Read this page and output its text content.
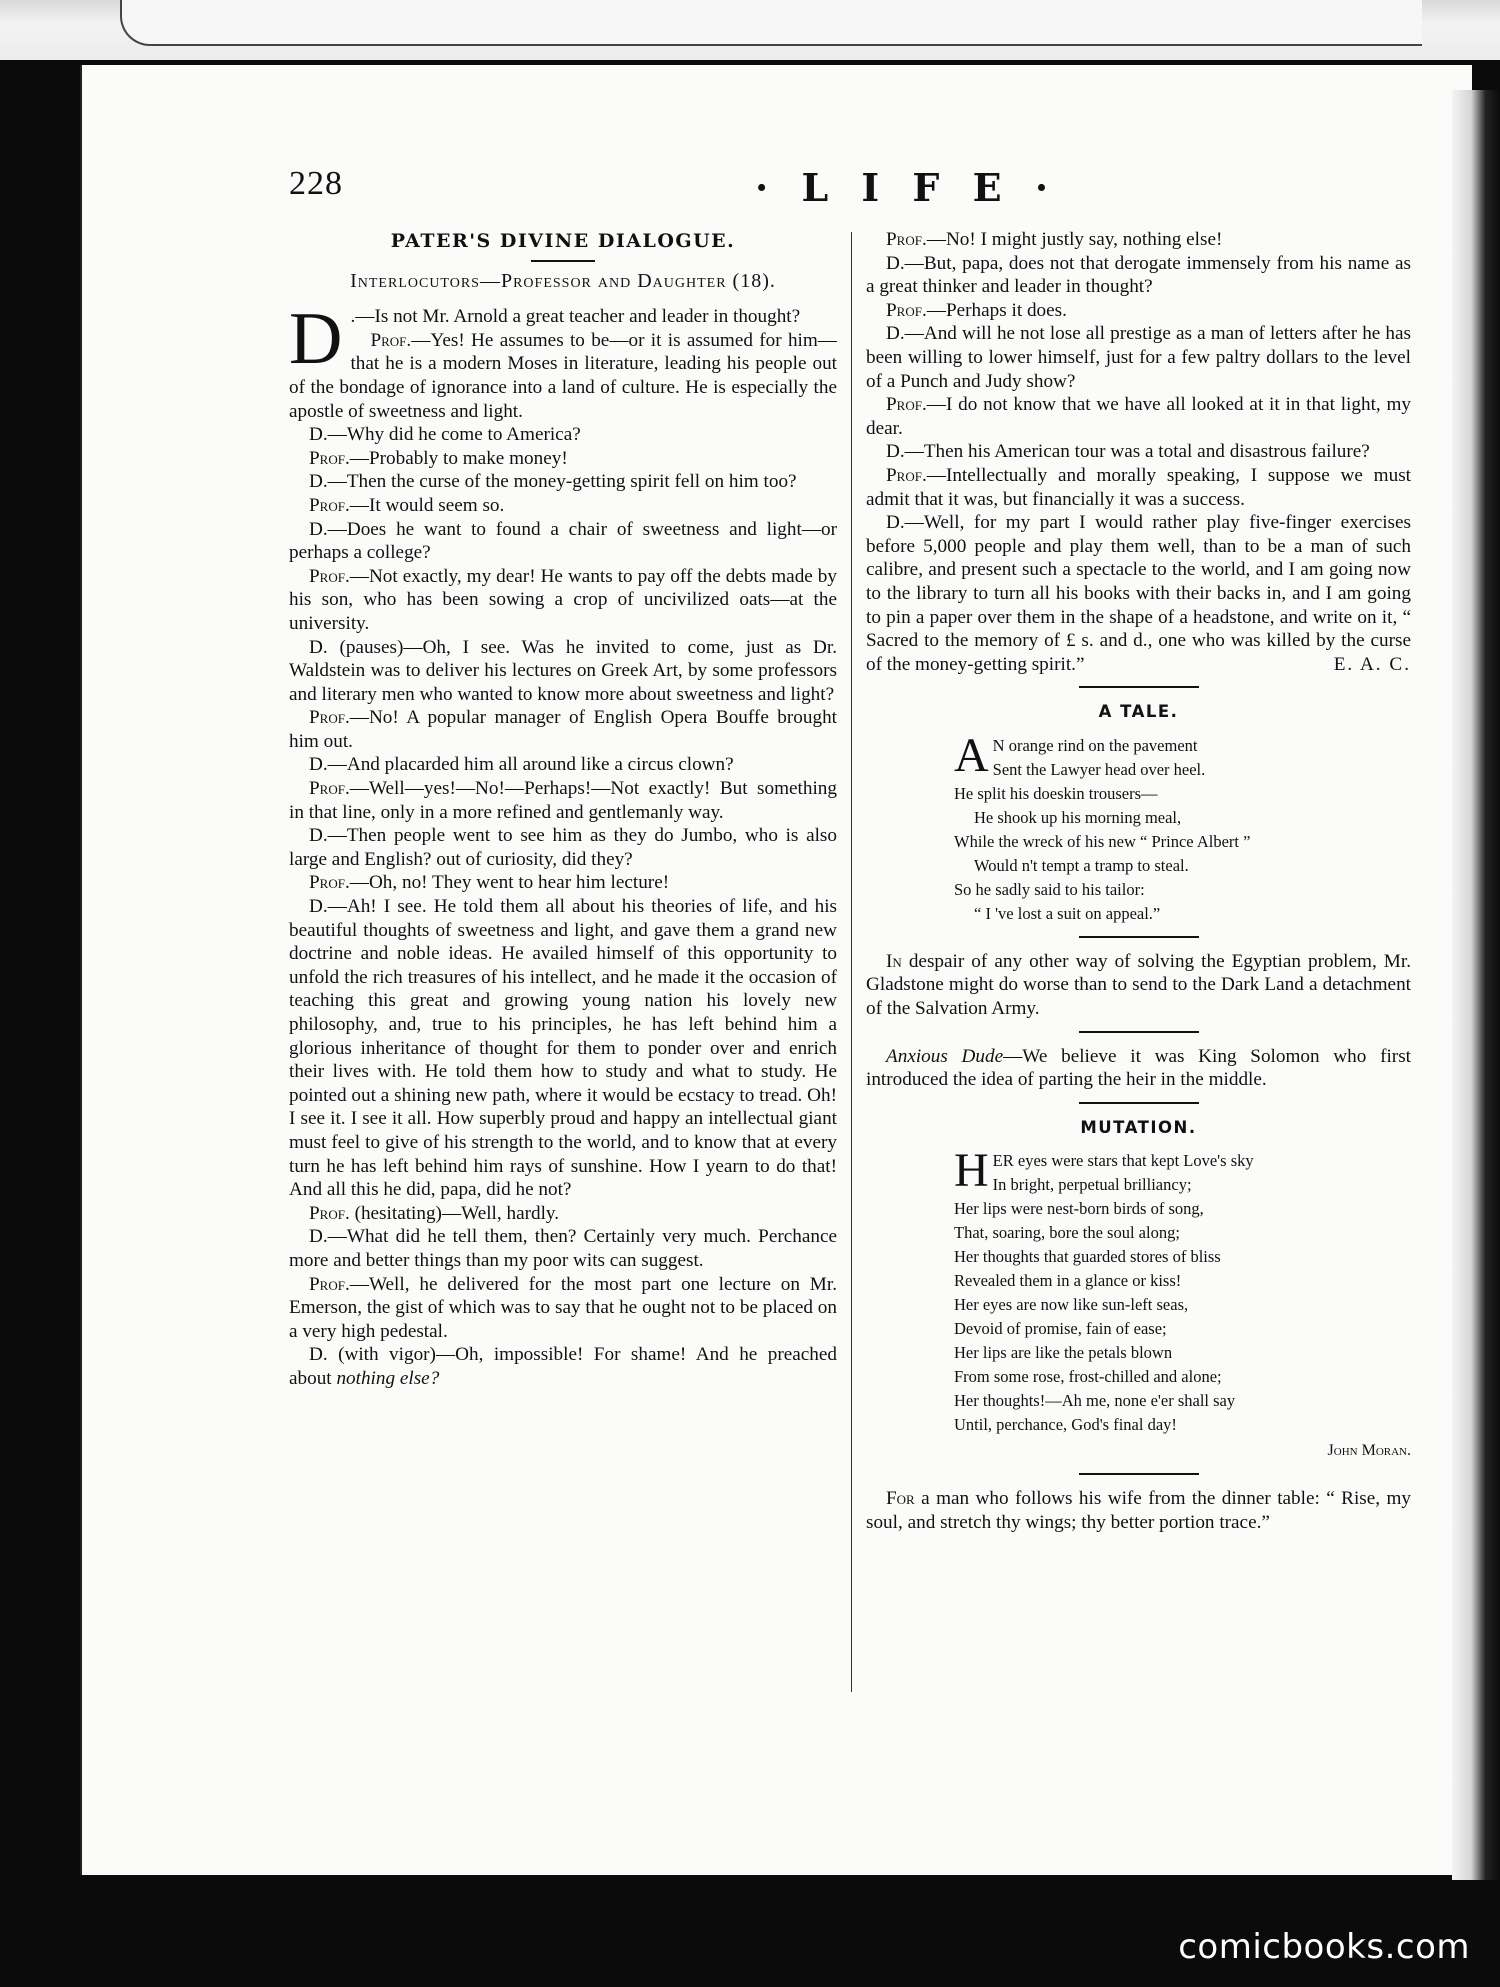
228	· L I F E ·
PATER'S DIVINE DIALOGUE.
Interlocutors—Professor and Daughter (18).

D .—Is not Mr. Arnold a great teacher and leader in thought?

Prof.—Yes! He assumes to be—or it is assumed for him—that he is a modern Moses in literature, leading his people out of the bondage of ignorance into a land of culture. He is especially the apostle of sweetness and light.

D.—Why did he come to America?

Prof.—Probably to make money!

D.—Then the curse of the money-getting spirit fell on him too?

Prof.—It would seem so.

D.—Does he want to found a chair of sweetness and light—or perhaps a college?

Prof.—Not exactly, my dear! He wants to pay off the debts made by his son, who has been sowing a crop of uncivilized oats—at the university.

D. (pauses)—Oh, I see. Was he invited to come, just as Dr. Waldstein was to deliver his lectures on Greek Art, by some professors and literary men who wanted to know more about sweetness and light?

Prof.—No! A popular manager of English Opera Bouffe brought him out.

D.—And placarded him all around like a circus clown?

Prof.—Well—yes!—No!—Perhaps!—Not exactly! But something in that line, only in a more refined and gentlemanly way.

D.—Then people went to see him as they do Jumbo, who is also large and English? out of curiosity, did they?

Prof.—Oh, no! They went to hear him lecture!

D.—Ah! I see. He told them all about his theories of life, and his beautiful thoughts of sweetness and light, and gave them a grand new doctrine and noble ideas. He availed himself of this opportunity to unfold the rich treasures of his intellect, and he made it the occasion of teaching this great and growing young nation his lovely new philosophy, and, true to his principles, he has left behind him a glorious inheritance of thought for them to ponder over and enrich their lives with. He told them how to study and what to study. He pointed out a shining new path, where it would be ecstacy to tread. Oh! I see it. I see it all. How superbly proud and happy an intellectual giant must feel to give of his strength to the world, and to know that at every turn he has left behind him rays of sunshine. How I yearn to do that! And all this he did, papa, did he not?

Prof. (hesitating)—Well, hardly.

D.—What did he tell them, then? Certainly very much. Perchance more and better things than my poor wits can suggest.

Prof.—Well, he delivered for the most part one lecture on Mr. Emerson, the gist of which was to say that he ought not to be placed on a very high pedestal.

D. (with vigor)—Oh, impossible! For shame! And he preached about nothing else?

Prof.—No! I might justly say, nothing else!

D.—But, papa, does not that derogate immensely from his name as a great thinker and leader in thought?

Prof.—Perhaps it does.

D.—And will he not lose all prestige as a man of letters after he has been willing to lower himself, just for a few paltry dollars to the level of a Punch and Judy show?

Prof.—I do not know that we have all looked at it in that light, my dear.

D.—Then his American tour was a total and disastrous failure?

Prof.—Intellectually and morally speaking, I suppose we must admit that it was, but financially it was a success.

D.—Well, for my part I would rather play five-finger exercises before 5,000 people and play them well, than to be a man of such calibre, and present such a spectacle to the world, and I am going now to the library to turn all his books with their backs in, and I am going to pin a paper over them in the shape of a headstone, and write on it, “ Sacred to the memory of £ s. and d., one who was killed by the curse of the money-getting spirit.”	E. A. C.

A TALE.
A N orange rind on the pavement
Sent the Lawyer head over heel.
He split his doeskin trousers—
He shook up his morning meal,
While the wreck of his new “ Prince Albert ”
Would n't tempt a tramp to steal.
So he sadly said to his tailor:
“ I 've lost a suit on appeal.”

In despair of any other way of solving the Egyptian problem, Mr. Gladstone might do worse than to send to the Dark Land a detachment of the Salvation Army.

Anxious Dude—We believe it was King Solomon who first introduced the idea of parting the heir in the middle.

MUTATION.
HER eyes were stars that kept Love's sky
In bright, perpetual brilliancy;
Her lips were nest-born birds of song,
That, soaring, bore the soul along;
Her thoughts that guarded stores of bliss
Revealed them in a glance or kiss!
Her eyes are now like sun-left seas,
Devoid of promise, fain of ease;
Her lips are like the petals blown
From some rose, frost-chilled and alone;
Her thoughts!—Ah me, none e'er shall say
Until, perchance, God's final day!
John Moran.

For a man who follows his wife from the dinner table: “ Rise, my soul, and stretch thy wings; thy better portion trace.”

comicbooks.com
